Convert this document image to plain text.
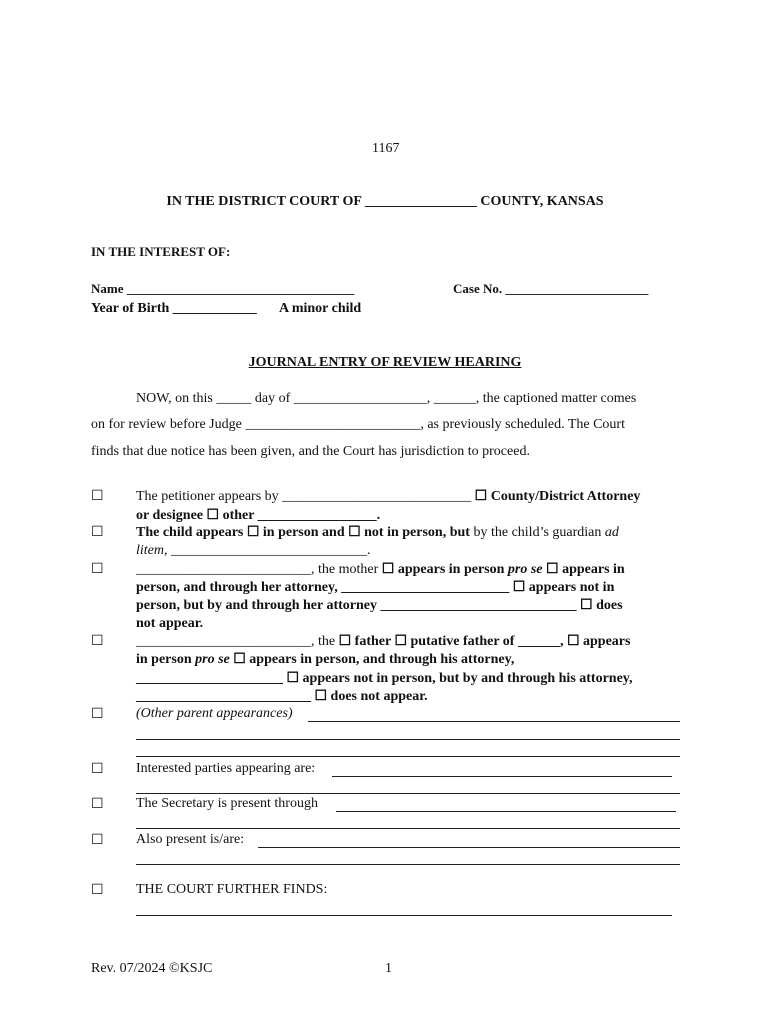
1167
IN THE DISTRICT COURT OF ________________ COUNTY, KANSAS
IN THE INTEREST OF:
Name ___________________________________	Case No. ______________________
Year of Birth ____________ A minor child
JOURNAL ENTRY OF REVIEW HEARING
NOW, on this _____ day of ___________________, ______, the captioned matter comes
on for review before Judge _________________________, as previously scheduled. The Court
finds that due notice has been given, and the Court has jurisdiction to proceed.
☐ The petitioner appears by ___________________________ ☐ County/District Attorney
or designee ☐ other _________________.
☐ The child appears ☐ in person and ☐ not in person, but by the child’s guardian ad
litem, ____________________________.
☐ _________________________, the mother ☐ appears in person pro se ☐ appears in
person, and through her attorney, ________________________ ☐ appears not in
person, but by and through her attorney ____________________________ ☐ does
not appear.
☐ _________________________, the ☐ father ☐ putative father of ______, ☐ appears
in person pro se ☐ appears in person, and through his attorney,
_____________________ ☐ appears not in person, but by and through his attorney,
_________________________ ☐ does not appear.
☐ (Other parent appearances)
☐ Interested parties appearing are:
☐ The Secretary is present through
☐ Also present is/are:
☐ THE COURT FURTHER FINDS:
Rev. 07/2024 ©KSJC	1
